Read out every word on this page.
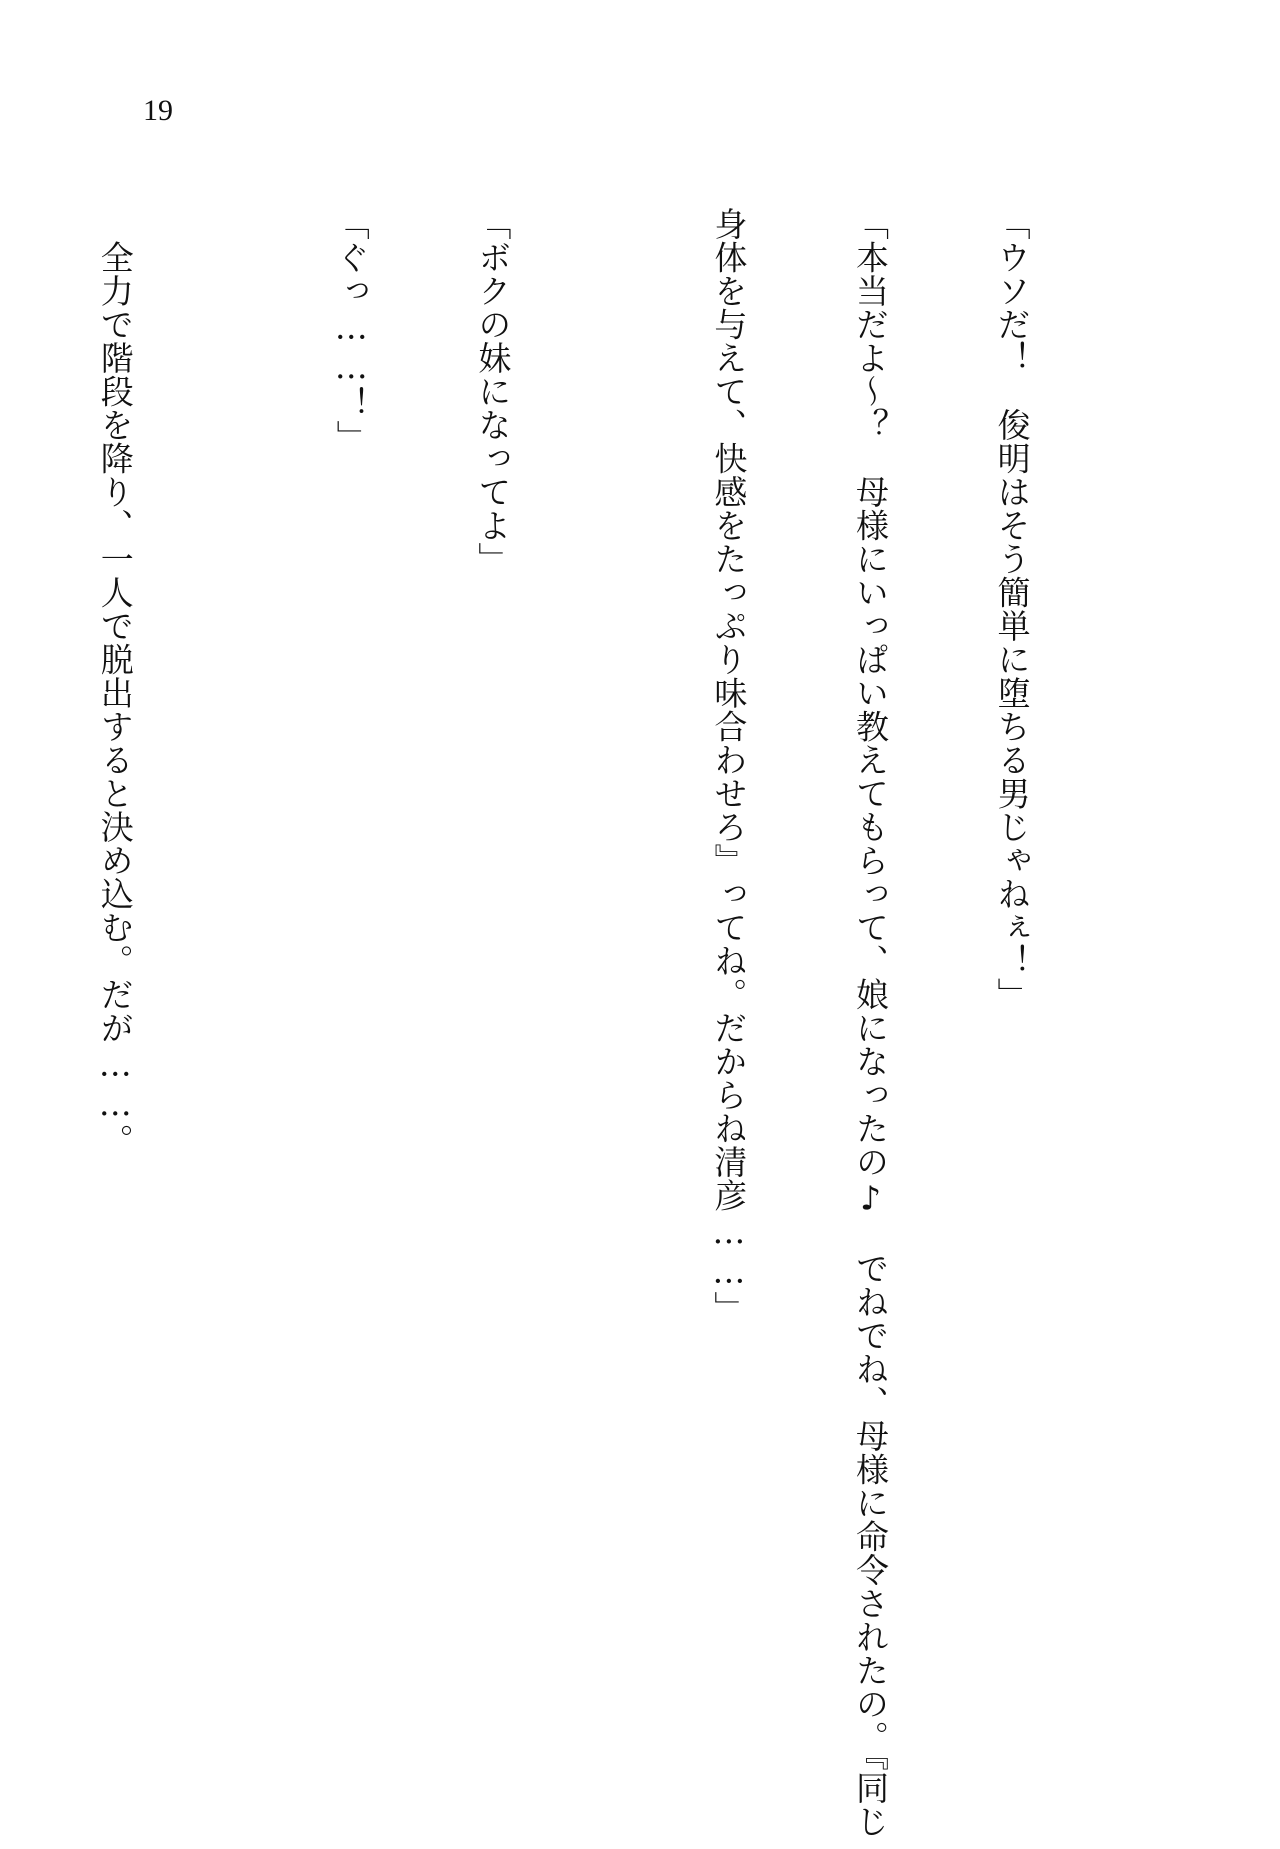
19

「ウソだ！　俊明はそう簡単に堕ちる男じゃねぇ！」

「本当だよ～？　母様にいっぱい教えてもらって、娘になったの♪　でねでね、母様に命令されたの。『同じ

身体を与えて、快感をたっぷり味合わせろ』ってね。だからね清彦……」

「ボクの妹になってよ」

「ぐっ……！」

　全力で階段を降り、一人で脱出すると決め込む。だが……。
